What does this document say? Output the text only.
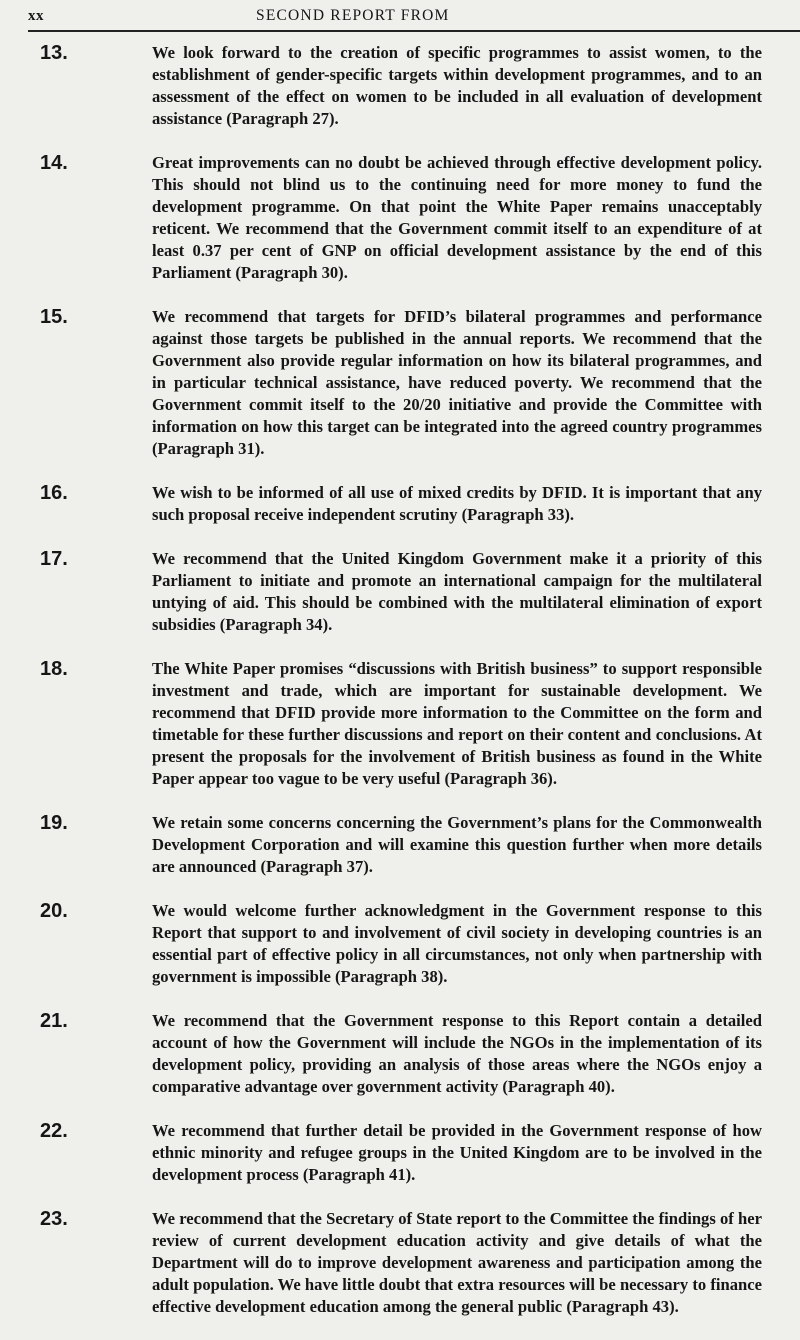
xx	SECOND REPORT FROM
13.	We look forward to the creation of specific programmes to assist women, to the establishment of gender-specific targets within development programmes, and to an assessment of the effect on women to be included in all evaluation of development assistance (Paragraph 27).
14.	Great improvements can no doubt be achieved through effective development policy. This should not blind us to the continuing need for more money to fund the development programme. On that point the White Paper remains unacceptably reticent. We recommend that the Government commit itself to an expenditure of at least 0.37 per cent of GNP on official development assistance by the end of this Parliament (Paragraph 30).
15.	We recommend that targets for DFID’s bilateral programmes and performance against those targets be published in the annual reports. We recommend that the Government also provide regular information on how its bilateral programmes, and in particular technical assistance, have reduced poverty. We recommend that the Government commit itself to the 20/20 initiative and provide the Committee with information on how this target can be integrated into the agreed country programmes (Paragraph 31).
16.	We wish to be informed of all use of mixed credits by DFID. It is important that any such proposal receive independent scrutiny (Paragraph 33).
17.	We recommend that the United Kingdom Government make it a priority of this Parliament to initiate and promote an international campaign for the multilateral untying of aid. This should be combined with the multilateral elimination of export subsidies (Paragraph 34).
18.	The White Paper promises “discussions with British business” to support responsible investment and trade, which are important for sustainable development. We recommend that DFID provide more information to the Committee on the form and timetable for these further discussions and report on their content and conclusions. At present the proposals for the involvement of British business as found in the White Paper appear too vague to be very useful (Paragraph 36).
19.	We retain some concerns concerning the Government’s plans for the Commonwealth Development Corporation and will examine this question further when more details are announced (Paragraph 37).
20.	We would welcome further acknowledgment in the Government response to this Report that support to and involvement of civil society in developing countries is an essential part of effective policy in all circumstances, not only when partnership with government is impossible (Paragraph 38).
21.	We recommend that the Government response to this Report contain a detailed account of how the Government will include the NGOs in the implementation of its development policy, providing an analysis of those areas where the NGOs enjoy a comparative advantage over government activity (Paragraph 40).
22.	We recommend that further detail be provided in the Government response of how ethnic minority and refugee groups in the United Kingdom are to be involved in the development process (Paragraph 41).
23.	We recommend that the Secretary of State report to the Committee the findings of her review of current development education activity and give details of what the Department will do to improve development awareness and participation among the adult population. We have little doubt that extra resources will be necessary to finance effective development education among the general public (Paragraph 43).
